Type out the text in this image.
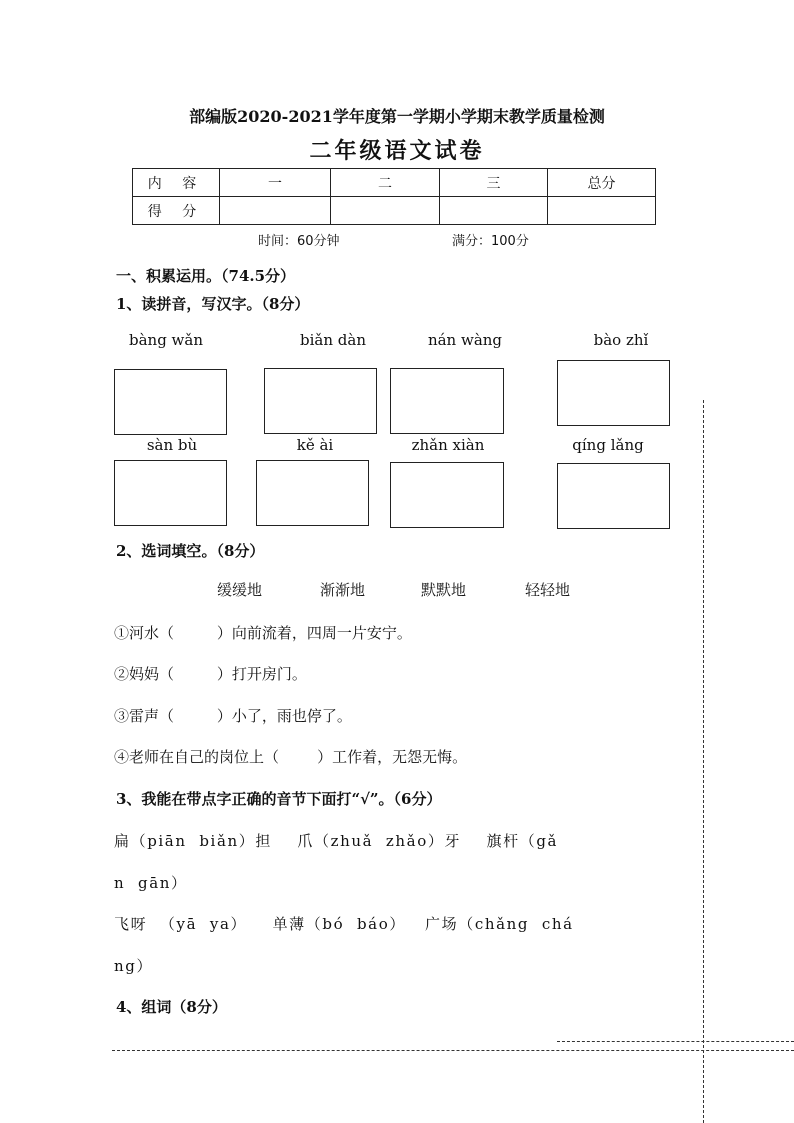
部编版2020-2021学年度第一学期小学期末教学质量检测
二年级语文试卷
内 容	一	二	三	总分
得 分				
时间：60分钟	满分：100分
一、积累运用。（74.5分）
1、读拼音，写汉字。（8分）
bàng wǎn	biǎn dàn	nán wàng	bào zhǐ
sàn bù	kě ài	zhǎn xiàn	qíng lǎng
2、选词填空。（8分）
缓缓地	渐渐地	默默地	轻轻地
①河水（         ）向前流着，四周一片安宁。
②妈妈（         ）打开房门。
③雷声（         ）小了，雨也停了。
④老师在自己的岗位上（        ）工作着，无怨无悔。
3、我能在带点字正确的音节下面打“√”。（6分）
扁（piān  biǎn）担    爪（zhuǎ  zhǎo）牙    旗杆（gǎ
n  gān）
飞呀  （yā  ya）    单薄（bó  báo）   广场（chǎng  chá
ng）
4、组词（8分）
